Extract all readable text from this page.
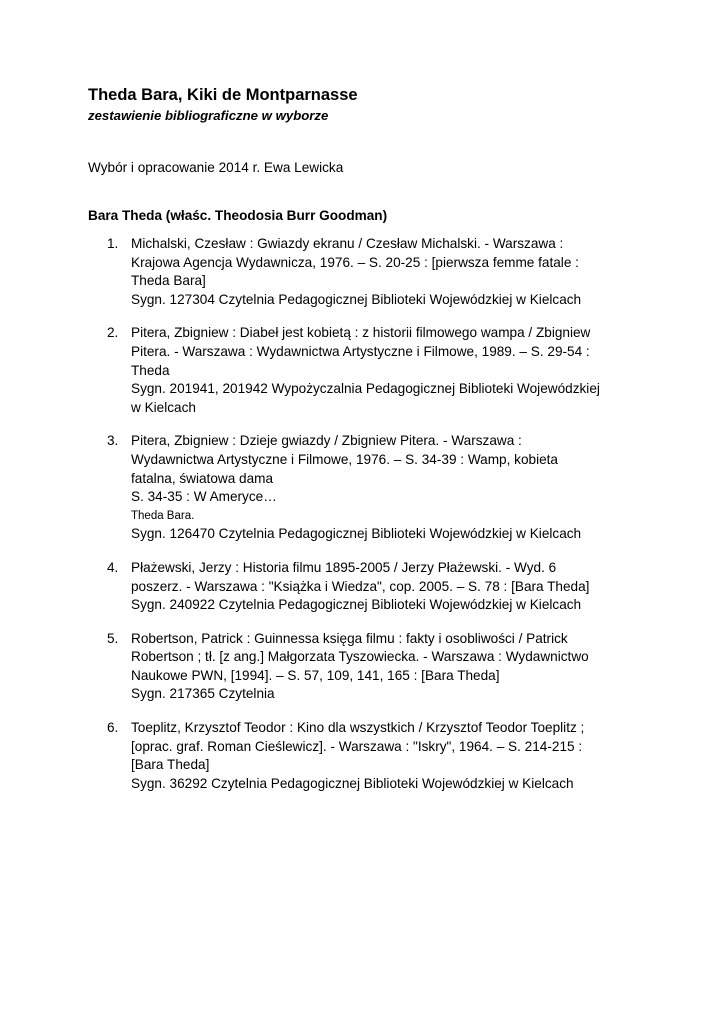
Theda Bara, Kiki de Montparnasse

zestawienie bibliograficzne w wyborze

Wybór i opracowanie 2014 r. Ewa Lewicka

Bara Theda (właśc. Theodosia Burr Goodman)

1. Michalski, Czesław : Gwiazdy ekranu / Czesław Michalski. - Warszawa :
Krajowa Agencja Wydawnicza, 1976. – S. 20-25 : [pierwsza femme fatale :
Theda Bara]
Sygn. 127304 Czytelnia Pedagogicznej Biblioteki Wojewódzkiej w Kielcach
2. Pitera, Zbigniew : Diabeł jest kobietą : z historii filmowego wampa / Zbigniew
Pitera. - Warszawa : Wydawnictwa Artystyczne i Filmowe, 1989. – S. 29-54 :
Theda
Sygn. 201941, 201942 Wypożyczalnia Pedagogicznej Biblioteki Wojewódzkiej
w Kielcach
3. Pitera, Zbigniew : Dzieje gwiazdy / Zbigniew Pitera. - Warszawa :
Wydawnictwa Artystyczne i Filmowe, 1976. – S. 34-39 : Wamp, kobieta
fatalna, światowa dama
S. 34-35 : W Ameryce…
Theda Bara.
Sygn. 126470 Czytelnia Pedagogicznej Biblioteki Wojewódzkiej w Kielcach
4. Płażewski, Jerzy : Historia filmu 1895-2005 / Jerzy Płażewski. - Wyd. 6
poszerz. - Warszawa : "Książka i Wiedza", cop. 2005. – S. 78 : [Bara Theda]
Sygn. 240922 Czytelnia Pedagogicznej Biblioteki Wojewódzkiej w Kielcach
5. Robertson, Patrick : Guinnessa księga filmu : fakty i osobliwości / Patrick
Robertson ; tł. [z ang.] Małgorzata Tyszowiecka. - Warszawa : Wydawnictwo
Naukowe PWN, [1994]. – S. 57, 109, 141, 165 : [Bara Theda]
Sygn. 217365 Czytelnia
6. Toeplitz, Krzysztof Teodor : Kino dla wszystkich / Krzysztof Teodor Toeplitz ;
[oprac. graf. Roman Cieślewicz]. - Warszawa : "Iskry", 1964. – S. 214-215 :
[Bara Theda]
Sygn. 36292 Czytelnia Pedagogicznej Biblioteki Wojewódzkiej w Kielcach
